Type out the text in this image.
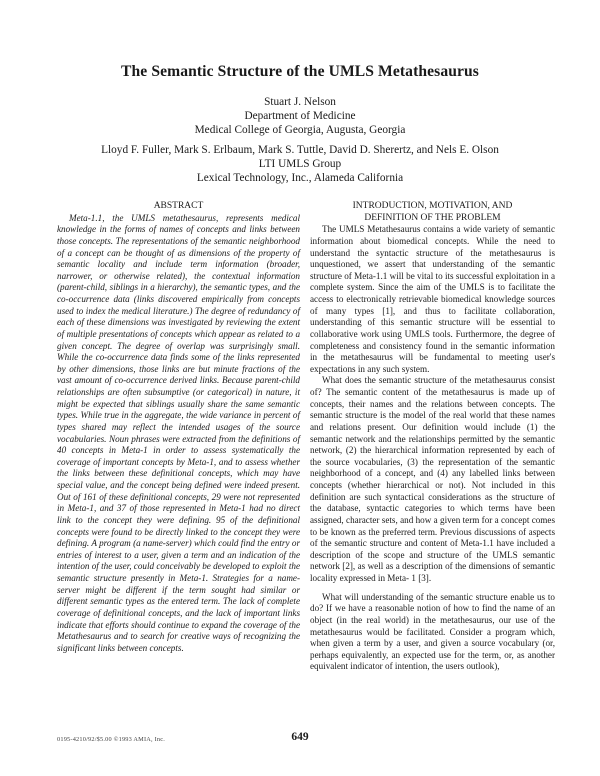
The Semantic Structure of the UMLS Metathesaurus
Stuart J. Nelson
Department of Medicine
Medical College of Georgia, Augusta, Georgia
Lloyd F. Fuller, Mark S. Erlbaum, Mark S. Tuttle, David D. Sherertz, and Nels E. Olson
LTI UMLS Group
Lexical Technology, Inc., Alameda California
ABSTRACT

Meta-1.1, the UMLS metathesaurus, represents medical knowledge in the forms of names of concepts and links between those concepts. The representations of the semantic neighborhood of a concept can be thought of as dimensions of the property of semantic locality and include term information (broader, narrower, or otherwise related), the contextual information (parent-child, siblings in a hierarchy), the semantic types, and the co-occurrence data (links discovered empirically from concepts used to index the medical literature.) The degree of redundancy of each of these dimensions was investigated by reviewing the extent of multiple presentations of concepts which appear as related to a given concept. The degree of overlap was surprisingly small. While the co-occurrence data finds some of the links represented by other dimensions, those links are but minute fractions of the vast amount of co-occurrence derived links. Because parent-child relationships are often subsumptive (or categorical) in nature, it might be expected that siblings usually share the same semantic types. While true in the aggregate, the wide variance in percent of types shared may reflect the intended usages of the source vocabularies. Noun phrases were extracted from the definitions of 40 concepts in Meta-1 in order to assess systematically the coverage of important concepts by Meta-1, and to assess whether the links between these definitional concepts, which may have special value, and the concept being defined were indeed present. Out of 161 of these definitional concepts, 29 were not represented in Meta-1, and 37 of those represented in Meta-1 had no direct link to the concept they were defining. 95 of the definitional concepts were found to be directly linked to the concept they were defining. A program (a name-server) which could find the entry or entries of interest to a user, given a term and an indication of the intention of the user, could conceivably be developed to exploit the semantic structure presently in Meta-1. Strategies for a name-server might be different if the term sought had similar or different semantic types as the entered term. The lack of complete coverage of definitional concepts, and the lack of important links indicate that efforts should continue to expand the coverage of the Metathesaurus and to search for creative ways of recognizing the significant links between concepts.

INTRODUCTION, MOTIVATION, AND
DEFINITION OF THE PROBLEM

The UMLS Metathesaurus contains a wide variety of semantic information about biomedical concepts. While the need to understand the syntactic structure of the metathesaurus is unquestioned, we assert that understanding of the semantic structure of Meta-1.1 will be vital to its successful exploitation in a complete system. Since the aim of the UMLS is to facilitate the access to electronically retrievable biomedical knowledge sources of many types [1], and thus to facilitate collaboration, understanding of this semantic structure will be essential to collaborative work using UMLS tools. Furthermore, the degree of completeness and consistency found in the semantic information in the metathesaurus will be fundamental to meeting user's expectations in any such system.

What does the semantic structure of the metathesaurus consist of? The semantic content of the metathesaurus is made up of concepts, their names and the relations between concepts. The semantic structure is the model of the real world that these names and relations present. Our definition would include (1) the semantic network and the relationships permitted by the semantic network, (2) the hierarchical information represented by each of the source vocabularies, (3) the representation of the semantic neighborhood of a concept, and (4) any labelled links between concepts (whether hierarchical or not). Not included in this definition are such syntactical considerations as the structure of the database, syntactic categories to which terms have been assigned, character sets, and how a given term for a concept comes to be known as the preferred term. Previous discussions of aspects of the semantic structure and content of Meta-1.1 have included a description of the scope and structure of the UMLS semantic network [2], as well as a description of the dimensions of semantic locality expressed in Meta- 1 [3].

What will understanding of the semantic structure enable us to do? If we have a reasonable notion of how to find the name of an object (in the real world) in the metathesaurus, our use of the metathesaurus would be facilitated. Consider a program which, when given a term by a user, and given a source vocabulary (or, perhaps equivalently, an expected use for the term, or, as another equivalent indicator of intention, the users outlook),

0195-4210/92/$5.00 ©1993 AMIA, Inc.	649
